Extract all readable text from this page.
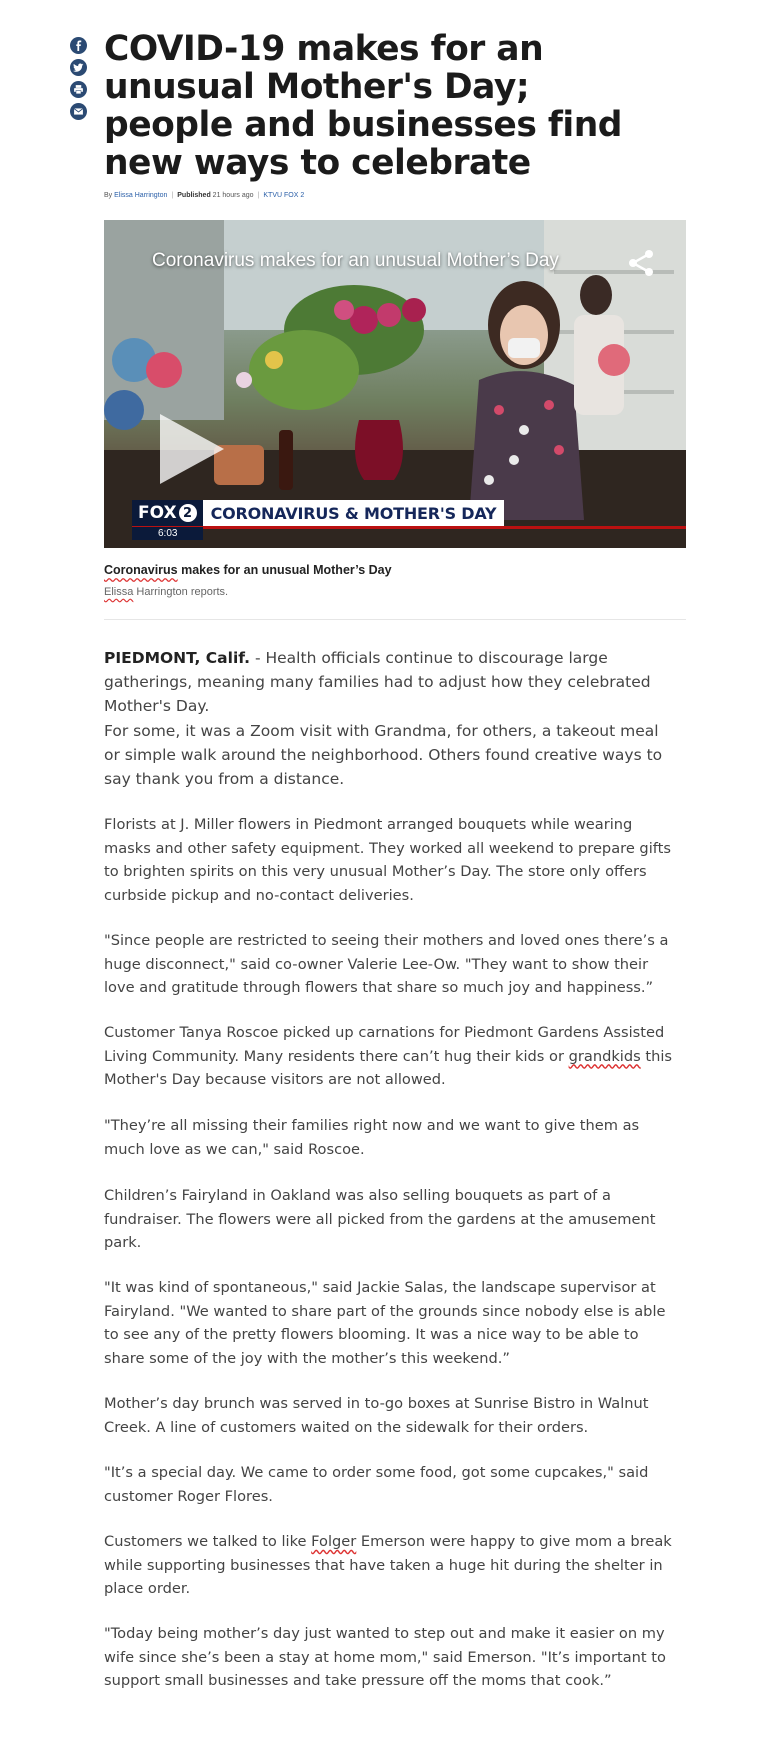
COVID-19 makes for an unusual Mother's Day; people and businesses find new ways to celebrate
By Elissa Harrington | Published 21 hours ago | KTVU FOX 2
Coronavirus makes for an unusual Mother’s Day
FOX 2	CORONAVIRUS & MOTHER'S DAY
6:03
Coronavirus makes for an unusual Mother’s Day
Elissa Harrington reports.

PIEDMONT, Calif. - Health officials continue to discourage large gatherings, meaning many families had to adjust how they celebrated Mother's Day.

For some, it was a Zoom visit with Grandma, for others, a takeout meal or simple walk around the neighborhood. Others found creative ways to say thank you from a distance.

Florists at J. Miller flowers in Piedmont arranged bouquets while wearing masks and other safety equipment. They worked all weekend to prepare gifts to brighten spirits on this very unusual Mother’s Day. The store only offers curbside pickup and no-contact deliveries.

"Since people are restricted to seeing their mothers and loved ones there’s a huge disconnect," said co-owner Valerie Lee-Ow. "They want to show their love and gratitude through flowers that share so much joy and happiness.”

Customer Tanya Roscoe picked up carnations for Piedmont Gardens Assisted Living Community. Many residents there can’t hug their kids or grandkids this Mother's Day because visitors are not allowed.

"They’re all missing their families right now and we want to give them as much love as we can," said Roscoe.

Children’s Fairyland in Oakland was also selling bouquets as part of a fundraiser. The flowers were all picked from the gardens at the amusement park.

"It was kind of spontaneous," said Jackie Salas, the landscape supervisor at Fairyland. "We wanted to share part of the grounds since nobody else is able to see any of the pretty flowers blooming. It was a nice way to be able to share some of the joy with the mother’s this weekend.”

Mother’s day brunch was served in to-go boxes at Sunrise Bistro in Walnut Creek. A line of customers waited on the sidewalk for their orders.

"It’s a special day. We came to order some food, got some cupcakes," said customer Roger Flores.

Customers we talked to like Folger Emerson were happy to give mom a break while supporting businesses that have taken a huge hit during the shelter in place order.

"Today being mother’s day just wanted to step out and make it easier on my wife since she’s been a stay at home mom," said Emerson. "It’s important to support small businesses and take pressure off the moms that cook.”
